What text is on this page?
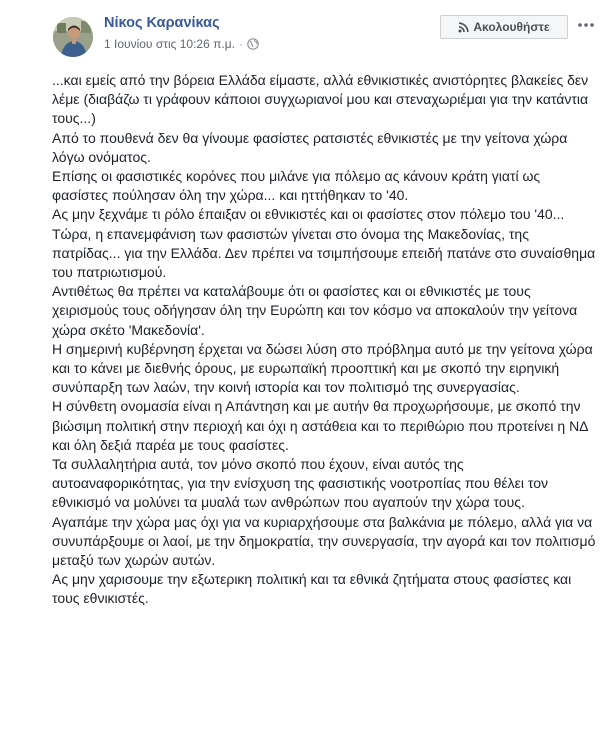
Νίκος Καρανίκας
1 Ιουνίου στις 10:26 π.μ. ·
Ακολουθήστε

...και εμείς από την βόρεια Ελλάδα είμαστε, αλλά εθνικιστικές ανιστόρητες βλακείες δεν λέμε (διαβάζω τι γράφουν κάποιοι συγχωριανοί μου και στεναχωριέμαι για την κατάντια τους...)

Από το πουθενά δεν θα γίνουμε φασίστες ρατσιστές εθνικιστές με την γείτονα χώρα λόγω ονόματος.

Επίσης οι φασιστικές κορόνες που μιλάνε για πόλεμο ας κάνουν κράτη γιατί ως φασίστες πούλησαν όλη την χώρα... και ηττήθηκαν το '40.

Ας μην ξεχνάμε τι ρόλο έπαιξαν οι εθνικιστές και οι φασίστες στον πόλεμο του '40...

Τώρα, η επανεμφάνιση των φασιστών γίνεται στο όνομα της Μακεδονίας, της πατρίδας... για την Ελλάδα. Δεν πρέπει να τσιμπήσουμε επειδή πατάνε στο συναίσθημα του πατριωτισμού.

Αντιθέτως θα πρέπει να καταλάβουμε ότι οι φασίστες και οι εθνικιστές με τους χειρισμούς τους οδήγησαν όλη την Ευρώπη και τον κόσμο να αποκαλούν την γείτονα χώρα σκέτο 'Μακεδονία'.

Η σημερινή κυβέρνηση έρχεται να δώσει λύση στο πρόβλημα αυτό με την γείτονα χώρα και το κάνει με διεθνής όρους, με ευρωπαϊκή προοπτική και με σκοπό την ειρηνική συνύπαρξη των λαών, την κοινή ιστορία και τον πολιτισμό της συνεργασίας.

Η σύνθετη ονομασία είναι η Απάντηση και με αυτήν θα προχωρήσουμε, με σκοπό την βιώσιμη πολιτική στην περιοχή και όχι η αστάθεια και το περιθώριο που προτείνει η ΝΔ και όλη δεξιά παρέα με τους φασίστες.

Τα συλλαλητήρια αυτά, τον μόνο σκοπό που έχουν, είναι αυτός της αυτοαναφορικότητας, για την ενίσχυση της φασιστικής νοοτροπίας που θέλει τον εθνικισμό να μολύνει τα μυαλά των ανθρώπων που αγαπούν την χώρα τους.

Αγαπάμε την χώρα μας όχι για να κυριαρχήσουμε στα βαλκάνια με πόλεμο, αλλά για να συνυπάρξουμε οι λαοί, με την δημοκρατία, την συνεργασία, την αγορά και τον πολιτισμό μεταξύ των χωρών αυτών.

Ας μην χαρισουμε την εξωτερικη πολιτική και τα εθνικά ζητήματα στους φασίστες και τους εθνικιστές.
